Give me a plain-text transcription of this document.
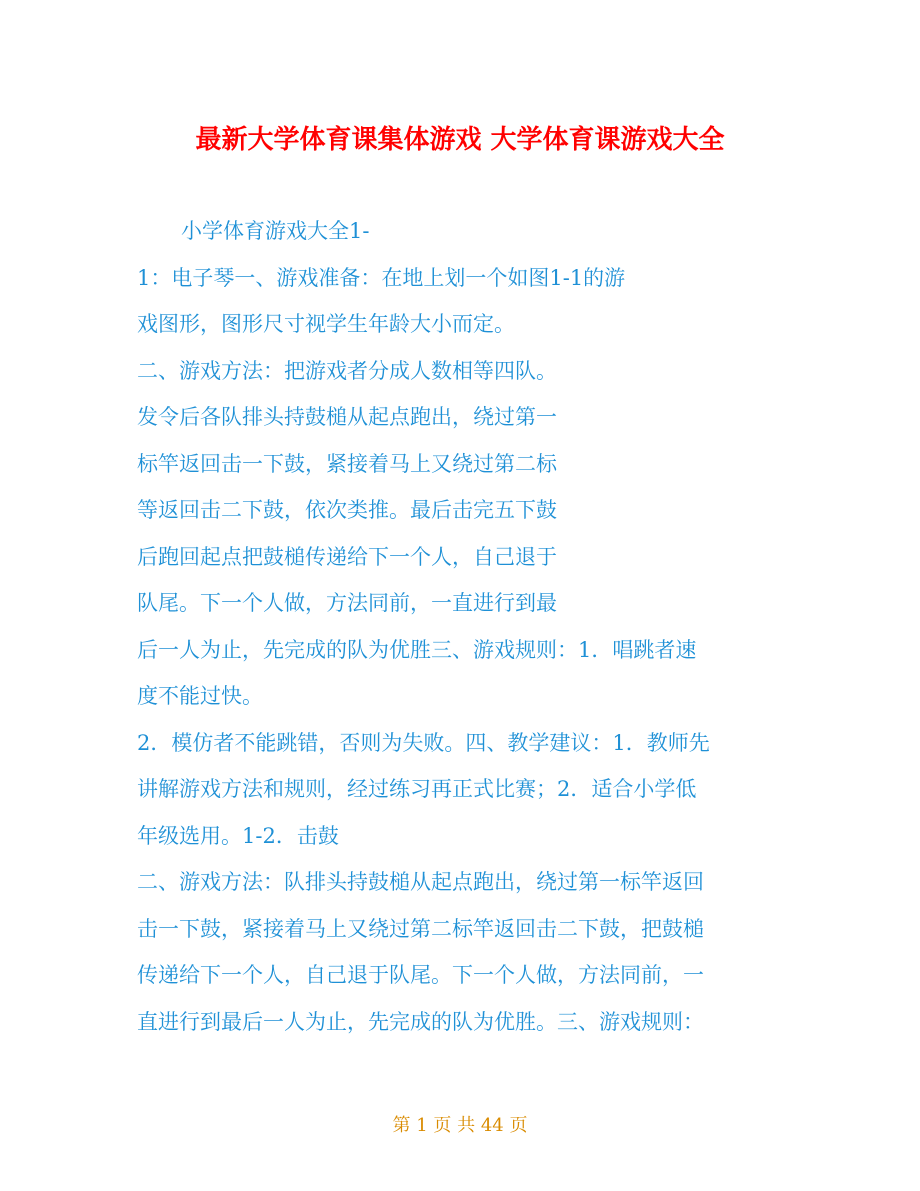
最新大学体育课集体游戏 大学体育课游戏大全
小学体育游戏大全1-
1：电子琴一、游戏准备：在地上划一个如图1-1的游
戏图形，图形尺寸视学生年龄大小而定。
二、游戏方法：把游戏者分成人数相等四队。
发令后各队排头持鼓槌从起点跑出，绕过第一
标竿返回击一下鼓，紧接着马上又绕过第二标
等返回击二下鼓，依次类推。最后击完五下鼓
后跑回起点把鼓槌传递给下一个人，自己退于
队尾。下一个人做，方法同前，一直进行到最
后一人为止，先完成的队为优胜三、游戏规则：1．唱跳者速
度不能过快。
2．模仿者不能跳错，否则为失败。四、教学建议：1．教师先
讲解游戏方法和规则，经过练习再正式比赛；2．适合小学低
年级选用。1-2．击鼓
二、游戏方法：队排头持鼓槌从起点跑出，绕过第一标竿返回
击一下鼓，紧接着马上又绕过第二标竿返回击二下鼓，把鼓槌
传递给下一个人，自己退于队尾。下一个人做，方法同前，一
直进行到最后一人为止，先完成的队为优胜。三、游戏规则：
第 1 页 共 44 页
